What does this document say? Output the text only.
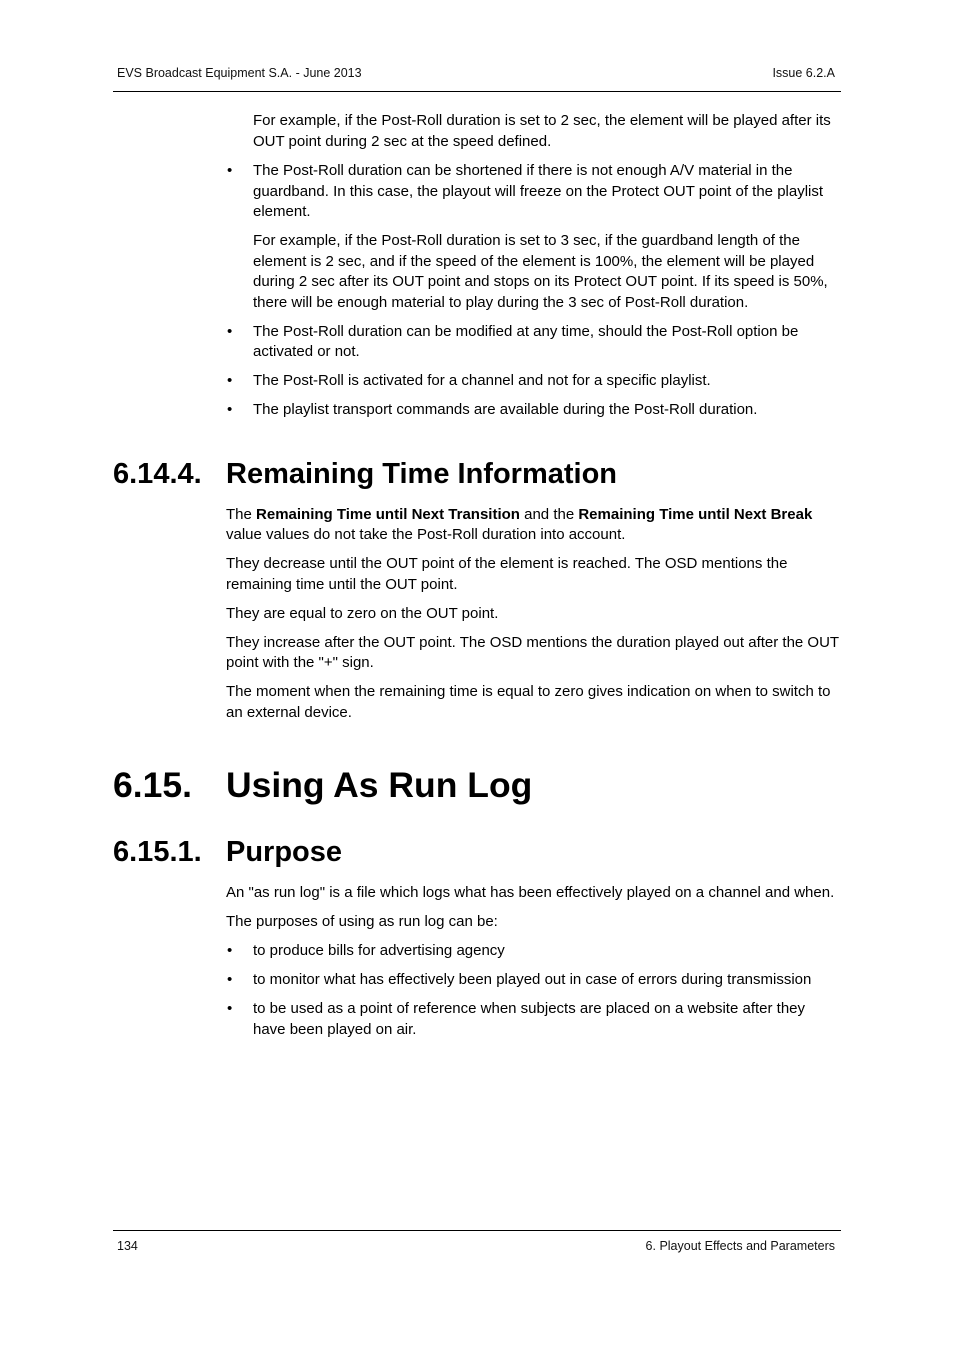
EVS Broadcast Equipment S.A. - June 2013	Issue 6.2.A

For example, if the Post-Roll duration is set to 2 sec, the element will be played after its OUT point during 2 sec at the speed defined.

• The Post-Roll duration can be shortened if there is not enough A/V material in the guardband. In this case, the playout will freeze on the Protect OUT point of the playlist element.

For example, if the Post-Roll duration is set to 3 sec, if the guardband length of the element is 2 sec, and if the speed of the element is 100%, the element will be played during 2 sec after its OUT point and stops on its Protect OUT point. If its speed is 50%, there will be enough material to play during the 3 sec of Post-Roll duration.

• The Post-Roll duration can be modified at any time, should the Post-Roll option be activated or not.
• The Post-Roll is activated for a channel and not for a specific playlist.
• The playlist transport commands are available during the Post-Roll duration.
6.14.4. Remaining Time Information

The Remaining Time until Next Transition and the Remaining Time until Next Break value values do not take the Post-Roll duration into account.

They decrease until the OUT point of the element is reached. The OSD mentions the remaining time until the OUT point.

They are equal to zero on the OUT point.

They increase after the OUT point. The OSD mentions the duration played out after the OUT point with the "+" sign.

The moment when the remaining time is equal to zero gives indication on when to switch to an external device.

6.15. Using As Run Log
6.15.1. Purpose

An "as run log" is a file which logs what has been effectively played on a channel and when.

The purposes of using as run log can be:

• to produce bills for advertising agency
• to monitor what has effectively been played out in case of errors during transmission
• to be used as a point of reference when subjects are placed on a website after they have been played on air.
134	6. Playout Effects and Parameters
